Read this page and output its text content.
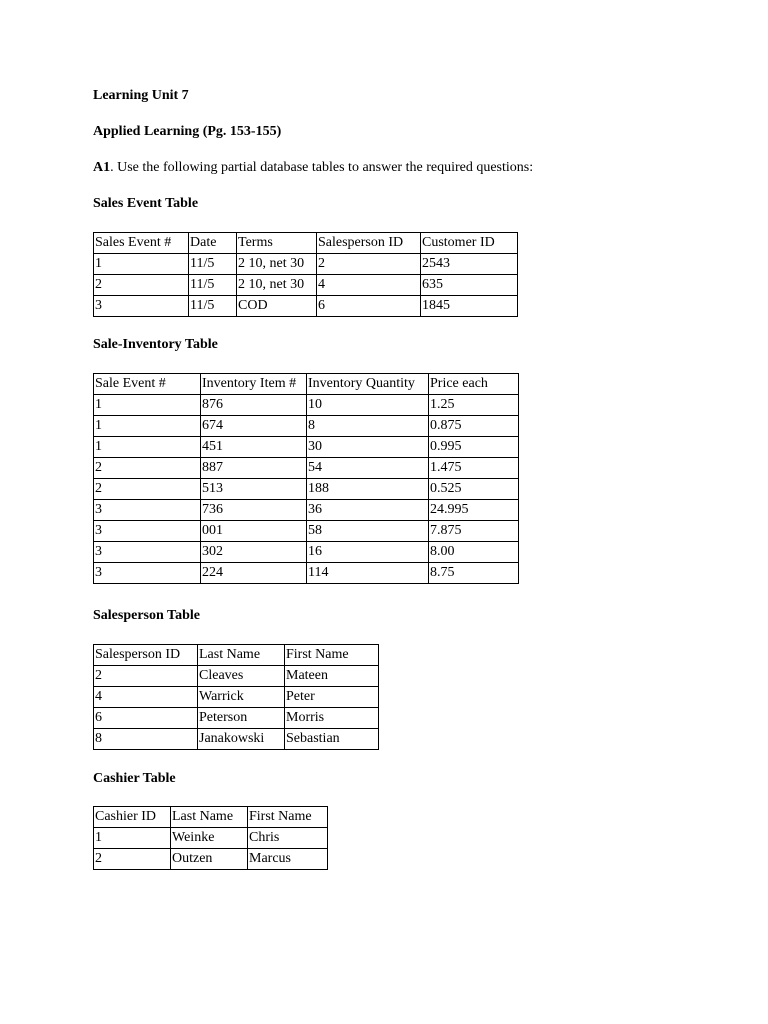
Learning Unit 7
Applied Learning (Pg. 153-155)
A1. Use the following partial database tables to answer the required questions:
Sales Event Table
Sales Event #	Date	Terms	Salesperson ID	Customer ID
1	11/5	2 10, net 30	2	2543
2	11/5	2 10, net 30	4	635
3	11/5	COD	6	1845
Sale-Inventory Table
Sale Event #	Inventory Item #	Inventory Quantity	Price each
1	876	10	1.25
1	674	8	0.875
1	451	30	0.995
2	887	54	1.475
2	513	188	0.525
3	736	36	24.995
3	001	58	7.875
3	302	16	8.00
3	224	114	8.75
Salesperson Table
Salesperson ID	Last Name	First Name
2	Cleaves	Mateen
4	Warrick	Peter
6	Peterson	Morris
8	Janakowski	Sebastian
Cashier Table
Cashier ID	Last Name	First Name
1	Weinke	Chris
2	Outzen	Marcus
